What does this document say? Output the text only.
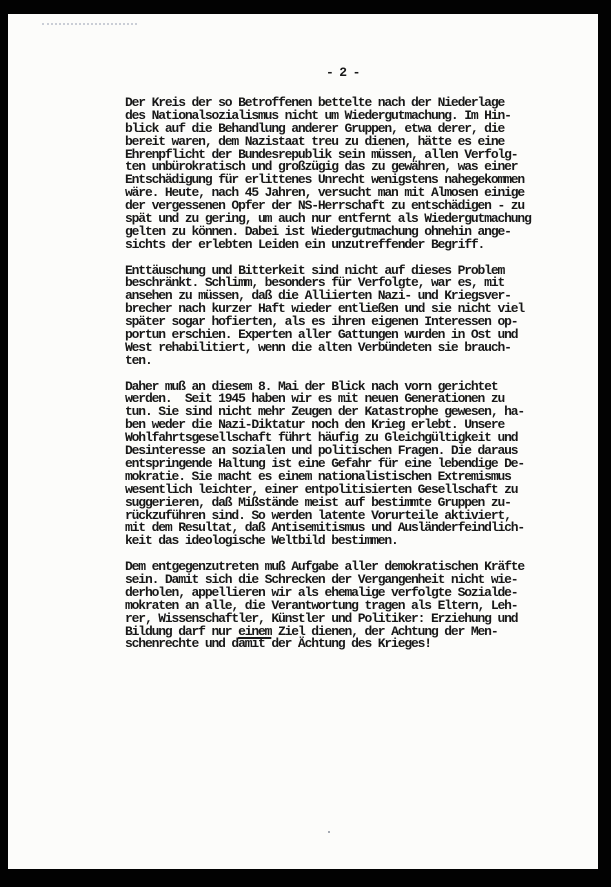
- 2 -
Der Kreis der so Betroffenen bettelte nach der Niederlage
des Nationalsozialismus nicht um Wiedergutmachung. Im Hin-
blick auf die Behandlung anderer Gruppen, etwa derer, die
bereit waren, dem Nazistaat treu zu dienen, hätte es eine
Ehrenpflicht der Bundesrepublik sein müssen, allen Verfolg-
ten unbürokratisch und großzügig das zu gewähren, was einer
Entschädigung für erlittenes Unrecht wenigstens nahegekommen
wäre. Heute, nach 45 Jahren, versucht man mit Almosen einige
der vergessenen Opfer der NS-Herrschaft zu entschädigen - zu
spät und zu gering, um auch nur entfernt als Wiedergutmachung
gelten zu können. Dabei ist Wiedergutmachung ohnehin ange-
sichts der erlebten Leiden ein unzutreffender Begriff.
Enttäuschung und Bitterkeit sind nicht auf dieses Problem
beschränkt. Schlimm, besonders für Verfolgte, war es, mit
ansehen zu müssen, daß die Alliierten Nazi- und Kriegsver-
brecher nach kurzer Haft wieder entließen und sie nicht viel
später sogar hofierten, als es ihren eigenen Interessen op-
portun erschien. Experten aller Gattungen wurden in Ost und
West rehabilitiert, wenn die alten Verbündeten sie brauch-
ten.
Daher muß an diesem 8. Mai der Blick nach vorn gerichtet
werden.  Seit 1945 haben wir es mit neuen Generationen zu
tun. Sie sind nicht mehr Zeugen der Katastrophe gewesen, ha-
ben weder die Nazi-Diktatur noch den Krieg erlebt. Unsere
Wohlfahrtsgesellschaft führt häufig zu Gleichgültigkeit und
Desinteresse an sozialen und politischen Fragen. Die daraus
entspringende Haltung ist eine Gefahr für eine lebendige De-
mokratie. Sie macht es einem nationalistischen Extremismus
wesentlich leichter, einer entpolitisierten Gesellschaft zu
suggerieren, daß Mißstände meist auf bestimmte Gruppen zu-
rückzuführen sind. So werden latente Vorurteile aktiviert,
mit dem Resultat, daß Antisemitismus und Ausländerfeindlich-
keit das ideologische Weltbild bestimmen.
Dem entgegenzutreten muß Aufgabe aller demokratischen Kräfte
sein. Damit sich die Schrecken der Vergangenheit nicht wie-
derholen, appellieren wir als ehemalige verfolgte Sozialde-
mokraten an alle, die Verantwortung tragen als Eltern, Leh-
rer, Wissenschaftler, Künstler und Politiker: Erziehung und
Bildung darf nur einem Ziel dienen, der Achtung der Men-
schenrechte und damit der Ächtung des Krieges!
